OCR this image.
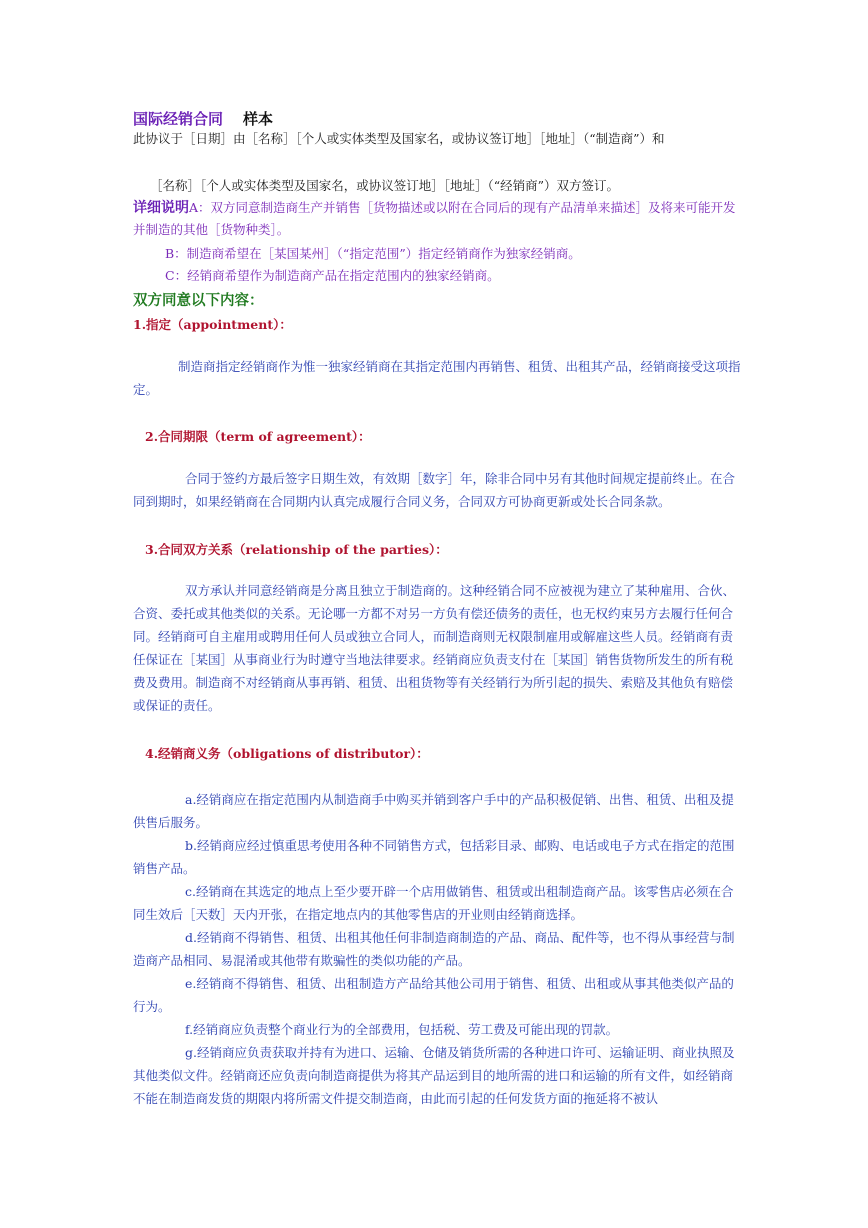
国际经销合同 样本
此协议于［日期］由［名称］［个人或实体类型及国家名，或协议签订地］［地址］（“制造商”）和
［名称］［个人或实体类型及国家名，或协议签订地］［地址］（“经销商”）双方签订。
详细说明A：双方同意制造商生产并销售［货物描述或以附在合同后的现有产品清单来描述］及将来可能开发并制造的其他［货物种类］。
B：制造商希望在［某国某州］（“指定范围”）指定经销商作为独家经销商。
C：经销商希望作为制造商产品在指定范围内的独家经销商。
双方同意以下内容：
1.指定（appointment）：
制造商指定经销商作为惟一独家经销商在其指定范围内再销售、租赁、出租其产品，经销商接受这项指定。
2.合同期限（term of agreement）：
合同于签约方最后签字日期生效，有效期［数字］年，除非合同中另有其他时间规定提前终止。在合同到期时，如果经销商在合同期内认真完成履行合同义务，合同双方可协商更新或处长合同条款。
3.合同双方关系（relationship of the parties）：
双方承认并同意经销商是分离且独立于制造商的。这种经销合同不应被视为建立了某种雇用、合伙、合资、委托或其他类似的关系。无论哪一方都不对另一方负有偿还债务的责任，也无权约束另方去履行任何合同。经销商可自主雇用或聘用任何人员或独立合同人，而制造商则无权限制雇用或解雇这些人员。经销商有责任保证在［某国］从事商业行为时遵守当地法律要求。经销商应负责支付在［某国］销售货物所发生的所有税费及费用。制造商不对经销商从事再销、租赁、出租货物等有关经销行为所引起的损失、索赔及其他负有赔偿或保证的责任。
4.经销商义务（obligations of distributor）：
a.经销商应在指定范围内从制造商手中购买并销到客户手中的产品积极促销、出售、租赁、出租及提供售后服务。
b.经销商应经过慎重思考使用各种不同销售方式，包括彩目录、邮购、电话或电子方式在指定的范围销售产品。
c.经销商在其选定的地点上至少要开辟一个店用做销售、租赁或出租制造商产品。该零售店必须在合同生效后［天数］天内开张，在指定地点内的其他零售店的开业则由经销商选择。
d.经销商不得销售、租赁、出租其他任何非制造商制造的产品、商品、配件等，也不得从事经营与制造商产品相同、易混淆或其他带有欺骗性的类似功能的产品。
e.经销商不得销售、租赁、出租制造方产品给其他公司用于销售、租赁、出租或从事其他类似产品的行为。
f.经销商应负责整个商业行为的全部费用，包括税、劳工费及可能出现的罚款。
g.经销商应负责获取并持有为进口、运输、仓储及销货所需的各种进口许可、运输证明、商业执照及其他类似文件。经销商还应负责向制造商提供为将其产品运到目的地所需的进口和运输的所有文件，如经销商不能在制造商发货的期限内将所需文件提交制造商，由此而引起的任何发货方面的拖延将不被认
